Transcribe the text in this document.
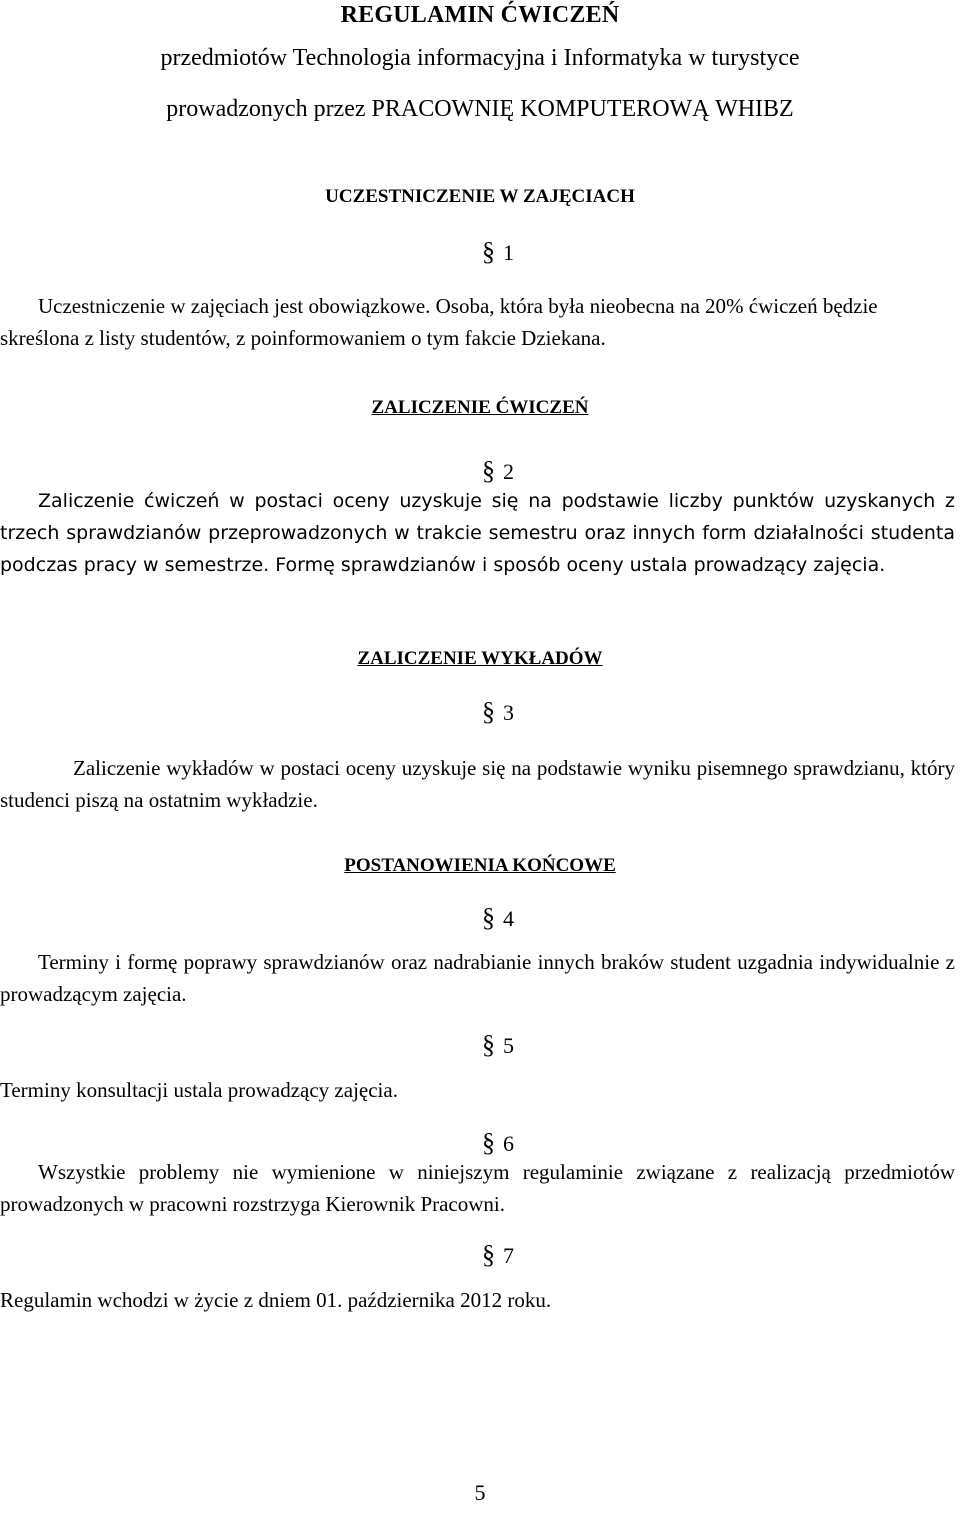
REGULAMIN ĆWICZEŃ
przedmiotów Technologia informacyjna i Informatyka w turystyce
prowadzonych przez PRACOWNIĘ KOMPUTEROWĄ WHIBZ
UCZESTNICZENIE W ZAJĘCIACH
§ 1
Uczestniczenie w zajęciach jest obowiązkowe. Osoba, która była nieobecna na 20% ćwiczeń będzie skreślona z listy studentów, z poinformowaniem o tym fakcie Dziekana.
ZALICZENIE ĆWICZEŃ
§ 2
Zaliczenie ćwiczeń w postaci oceny uzyskuje się na podstawie liczby punktów uzyskanych z trzech sprawdzianów przeprowadzonych w trakcie semestru oraz innych form działalności studenta podczas pracy w semestrze. Formę sprawdzianów i sposób oceny ustala prowadzący zajęcia.
ZALICZENIE WYKŁADÓW
§ 3
Zaliczenie wykładów w postaci oceny uzyskuje się na podstawie wyniku pisemnego sprawdzianu, który studenci piszą na ostatnim wykładzie.
POSTANOWIENIA KOŃCOWE
§ 4
Terminy i formę poprawy sprawdzianów oraz nadrabianie innych braków student uzgadnia indywidualnie z prowadzącym zajęcia.
§ 5
Terminy konsultacji ustala prowadzący zajęcia.
§ 6
Wszystkie problemy nie wymienione w niniejszym regulaminie związane z realizacją przedmiotów prowadzonych w pracowni rozstrzyga Kierownik Pracowni.
§ 7
Regulamin wchodzi w życie z dniem 01. października 2012 roku.
5
